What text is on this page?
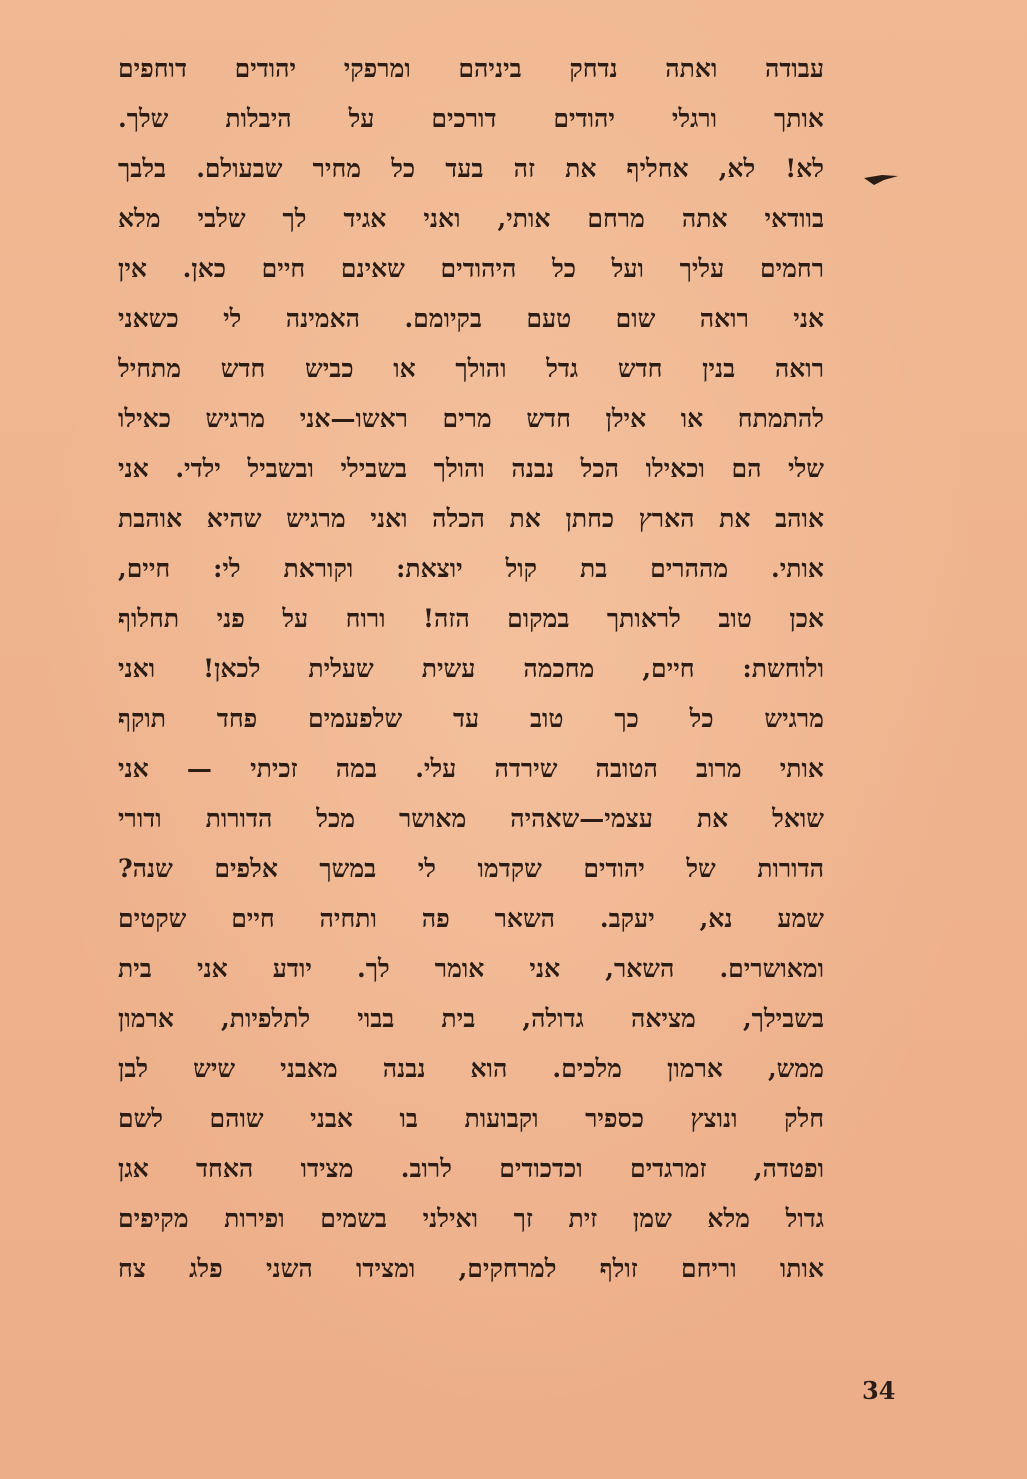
עבודה ואתה נדחק ביניהם ומרפקי יהודים דוחפים
אותך ורגלי יהודים דורכים על היבלות שלך.
לא! לא, אחליף את זה בעד כל מחיר שבעולם. בלבך
בוודאי אתה מרחם אותי, ואני אגיד לך שלבי מלא
רחמים עליך ועל כל היהודים שאינם חיים כאן. אין
אני רואה שום טעם בקיומם. האמינה לי כשאני
רואה בנין חדש גדל והולך או כביש חדש מתחיל
להתמתח או אילן חדש מרים ראשו—אני מרגיש כאילו
שלי הם וכאילו הכל נבנה והולך בשבילי ובשביל ילדי. אני
אוהב את הארץ כחתן את הכלה ואני מרגיש שהיא אוהבת
אותי. מההרים בת קול יוצאת: וקוראת לי: חיים,
אכן טוב לראותך במקום הזה! ורוח על פני תחלוף
ולוחשת: חיים, מחכמה עשית שעלית לכאן! ואני
מרגיש כל כך טוב עד שלפעמים פחד תוקף
אותי מרוב הטובה שירדה עלי. במה זכיתי — אני
שואל את עצמי—שאהיה מאושר מכל הדורות ודורי
הדורות של יהודים שקדמו לי במשך אלפים שנה?
שמע נא, יעקב. השאר פה ותחיה חיים שקטים
ומאושרים. השאר, אני אומר לך. יודע אני בית
בשבילך, מציאה גדולה, בית בבוי לתלפיות, ארמון
ממש, ארמון מלכים. הוא נבנה מאבני שיש לבן
חלק ונוצץ כספיר וקבועות בו אבני שוהם לשם
ופטדה, זמרגדים וכדכודים לרוב. מצידו האחד אגן
גדול מלא שמן זית זך ואילני בשמים ופירות מקיפים
אותו וריחם זולף למרחקים, ומצידו השני פלג צח
34
